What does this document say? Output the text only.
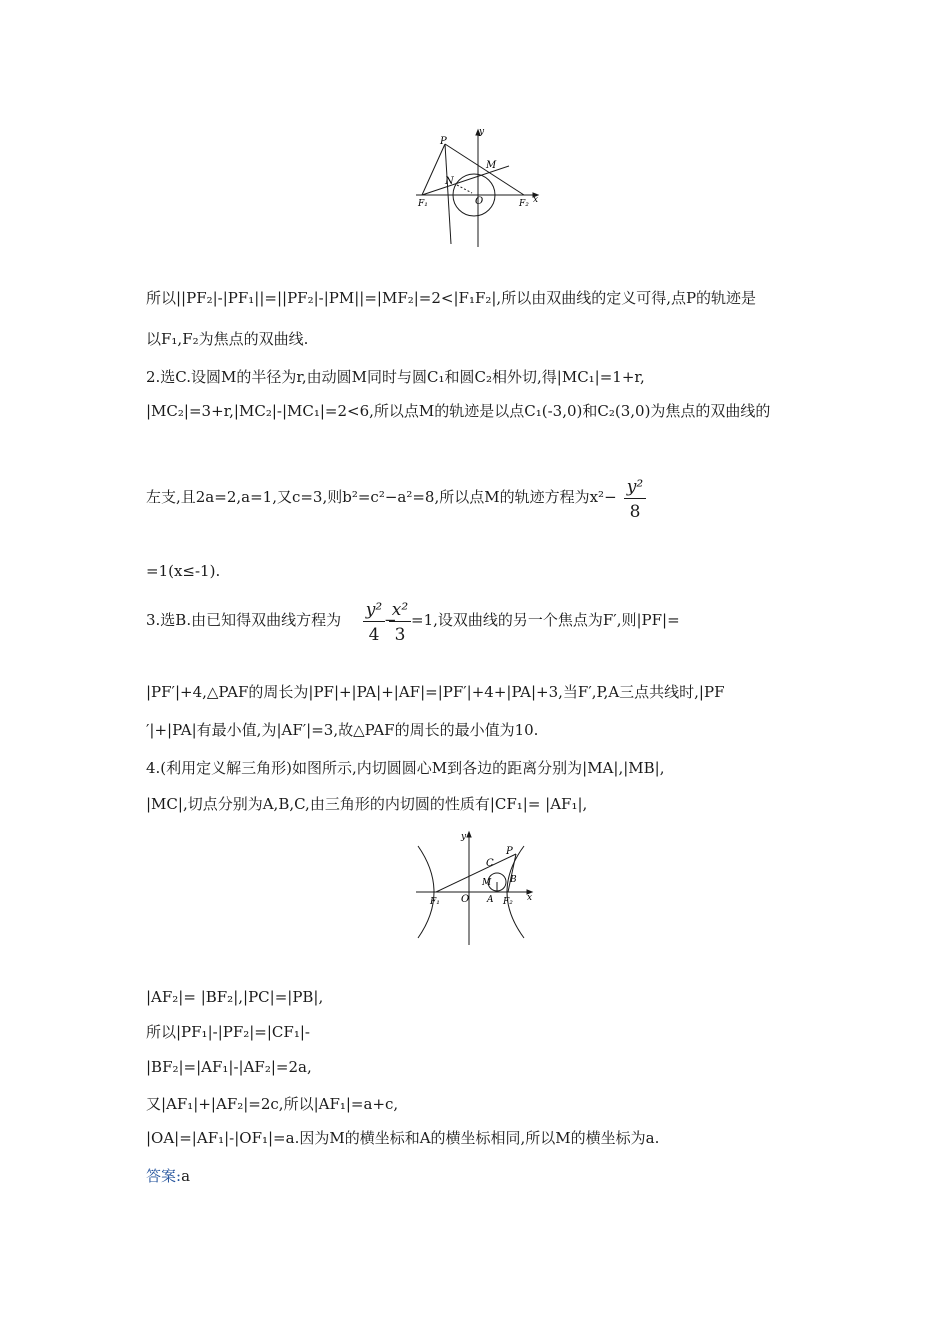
P
M
N
O
F₁	F₂ x
y
所以||PF₂|-|PF₁||=||PF₂|-|PM||=|MF₂|=2<|F₁F₂|,所以由双曲线的定义可得,点P的轨迹是
以F₁,F₂为焦点的双曲线.
2.选C.设圆M的半径为r,由动圆M同时与圆C₁和圆C₂相外切,得|MC₁|=1+r,
|MC₂|=3+r,|MC₂|-|MC₁|=2<6,所以点M的轨迹是以点C₁(-3,0)和C₂(3,0)为焦点的双曲线的
左支,且2a=2,a=1,又c=3,则b²=c²−a²=8,所以点M的轨迹方程为x²− y²
8
=1(x≤-1).
3.选B.由已知得双曲线方程为 y²
4
−
x²
3
=1,设双曲线的另一个焦点为F′,则|PF|=
|PF′|+4,△PAF的周长为|PF|+|PA|+|AF|=|PF′|+4+|PA|+3,当F′,P,A三点共线时,|PF
′|+|PA|有最小值,为|AF′|=3,故△PAF的周长的最小值为10.
4.(利用定义解三角形)如图所示,内切圆圆心M到各边的距离分别为|MA|,|MB|,
|MC|,切点分别为A,B,C,由三角形的内切圆的性质有|CF₁|= |AF₁|,
P
C
M B
O A
F₁	F₂ x
y
|AF₂|= |BF₂|,|PC|=|PB|,
所以|PF₁|-|PF₂|=|CF₁|-
|BF₂|=|AF₁|-|AF₂|=2a,
又|AF₁|+|AF₂|=2c,所以|AF₁|=a+c,
|OA|=|AF₁|-|OF₁|=a.因为M的横坐标和A的横坐标相同,所以M的横坐标为a.
答案:a
